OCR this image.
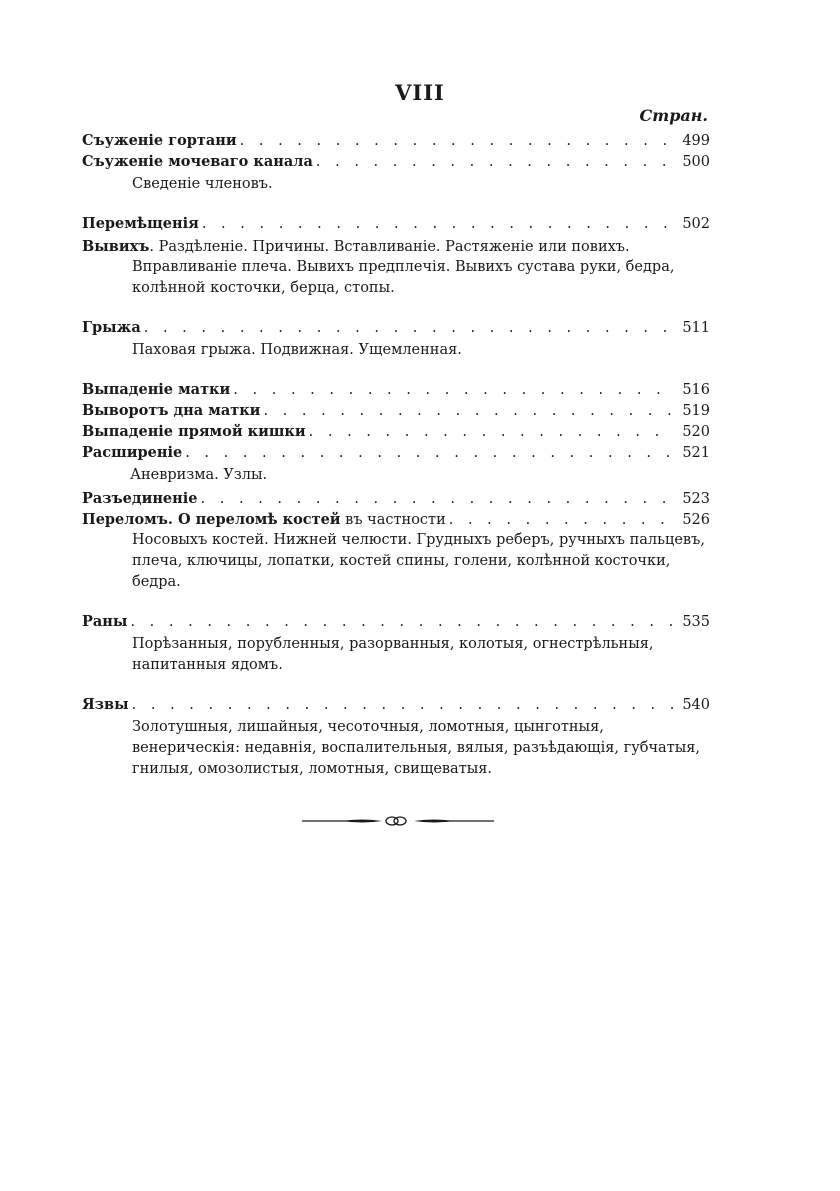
VIII
Стран.
Съуженіе гортани . . .	499
Съуженіе мочеваго канала . . .	500
Сведеніе членовъ.
Перемѣщенія . . .	502
Вывихъ. Раздѣленіе. Причины. Вставливаніе. Растяженіе или повихъ.
Вправливаніе плеча. Вывихъ предплечія. Вывихъ сустава руки, бедра, колѣнной косточки, берца, стопы.
Грыжа . . .	511
Паховая грыжа. Подвижная. Ущемленная.
Выпаденіе матки . . .	516
Выворотъ дна матки . . .	519
Выпаденіе прямой кишки . . .	520
Расширеніе . . .	521
Аневризма. Узлы.
Разъединеніе . . .	523
Переломъ. О переломѣ костей въ частности . . .	526
Носовыхъ костей. Нижней челюсти. Грудныхъ реберъ, ручныхъ пальцевъ, плеча, ключицы, лопатки, костей спины, голени, колѣнной косточки, бедра.
Раны . . .	535
Порѣзанныя, порубленныя, разорванныя, колотыя, огнестрѣльныя, напитанныя ядомъ.
Язвы . . .	540
Золотушныя, лишайныя, чесоточныя, ломотныя, цынготныя, венерическія: недавнія, воспалительныя, вялыя, разъѣдающія, губчатыя, гнилыя, омозолистыя, ломотныя, свищеватыя.
